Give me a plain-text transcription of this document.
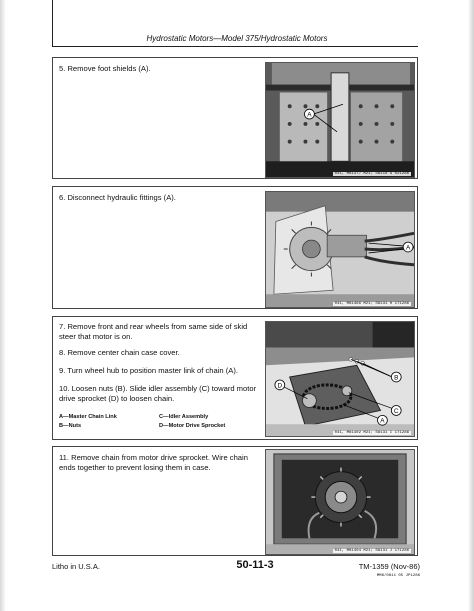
Hydrostatic Motors—Model 375/Hydrostatic Motors

5. Remove foot shields (A).

A
041, M81377 M21; S8110 G 021286

6. Disconnect hydraulic fittings (A).

A
041, M81466 M21; S8131 H 171286

7. Remove front and rear wheels from same side of skid steer that motor is on.

8. Remove center chain case cover.

9. Turn wheel hub to position master link of chain (A).

10. Loosen nuts (B). Slide idler assembly (C) toward motor drive sprocket (D) to loosen chain.

A—Master Chain Link	C—Idler Assembly
B—Nuts	D—Motor Drive Sprocket
B
D
C
A
041, M81402 M21; S8131 I 171286

11. Remove chain from motor drive sprocket. Wire chain ends together to prevent losing them in case.

041, M81404 M21; S8131 J 171286
Litho in U.S.A.	50-11-3	TM-1359 (Nov-86)
MM6/0811 05 JP1286
